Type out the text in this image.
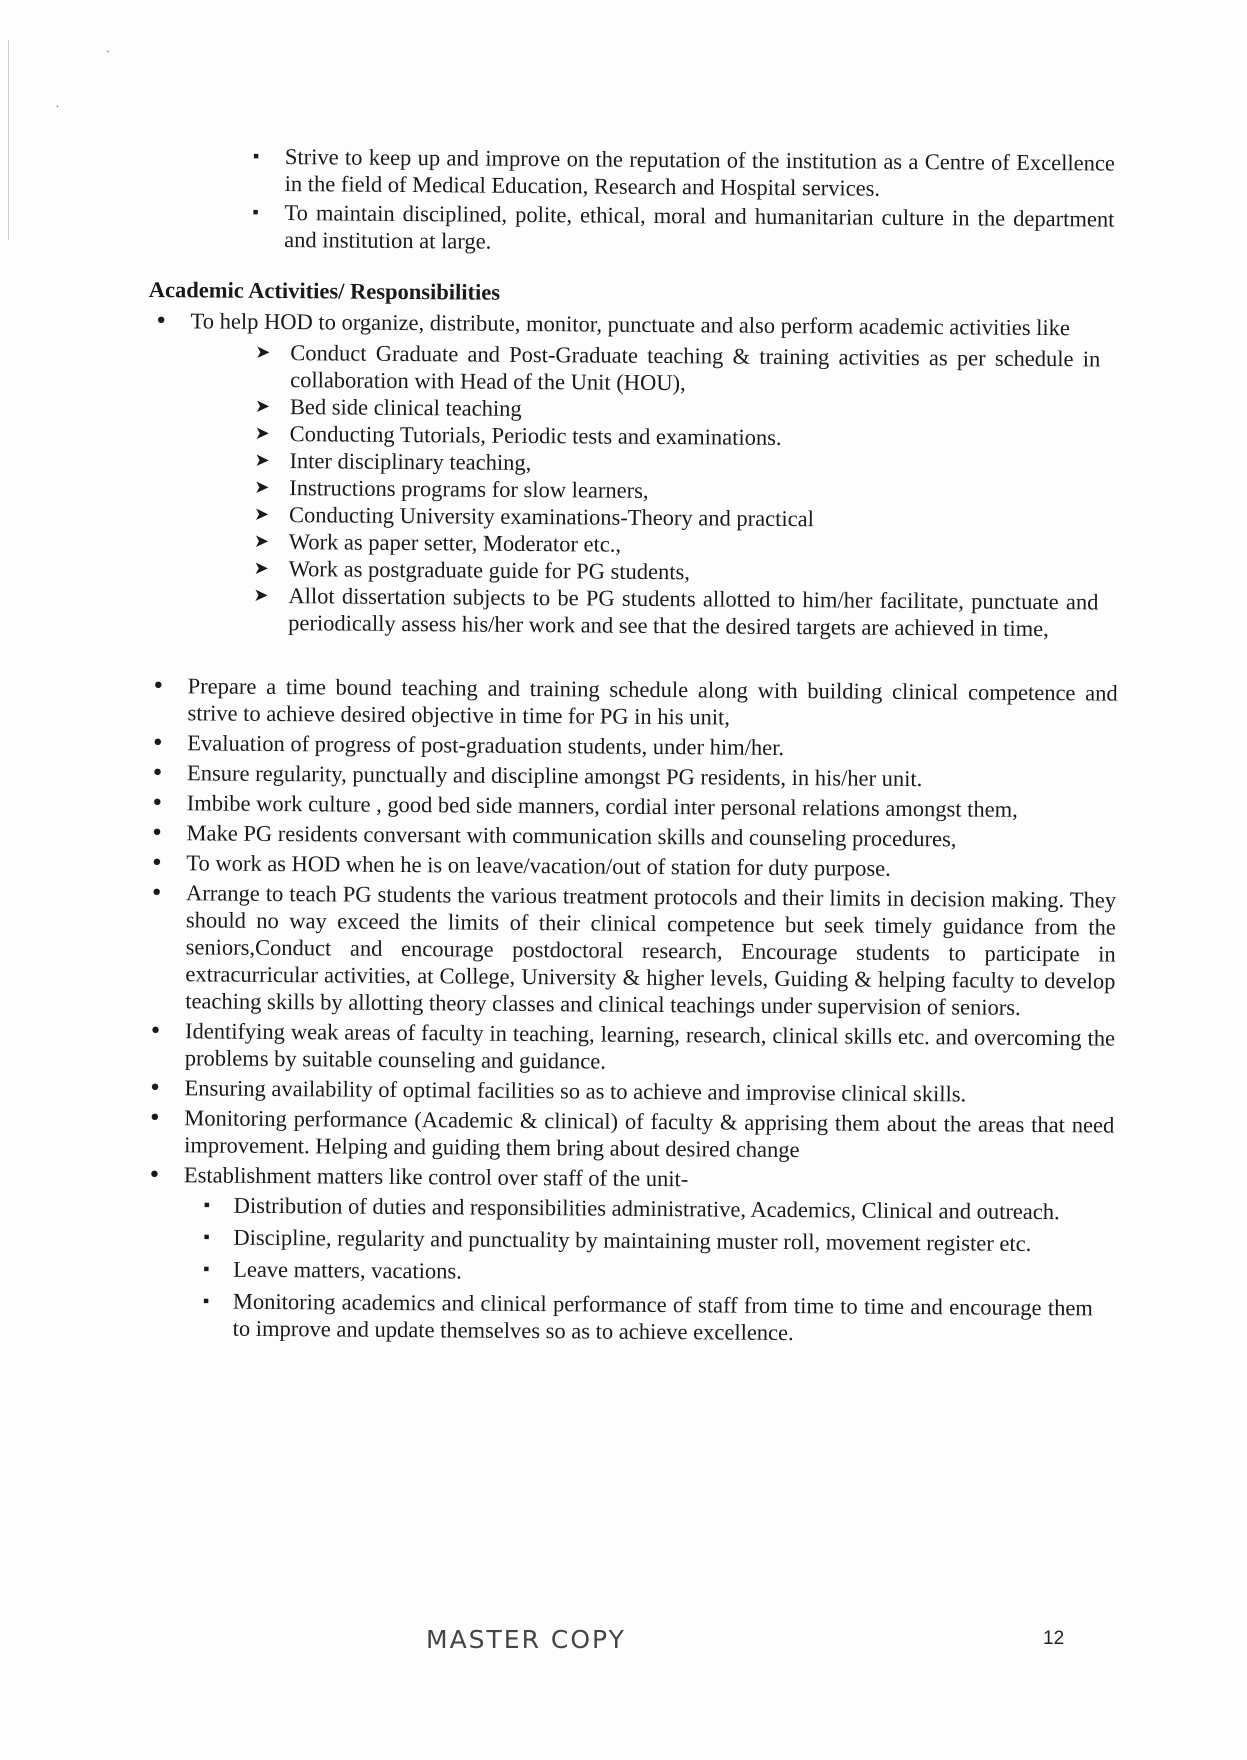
`
.
▪ Strive to keep up and improve on the reputation of the institution as a Centre of Excellence in the field of Medical Education, Research and Hospital services.
▪ To maintain disciplined, polite, ethical, moral and humanitarian culture in the department and institution at large.
Academic Activities/ Responsibilities
● To help HOD to organize, distribute, monitor, punctuate and also perform academic activities like
➤ Conduct Graduate and Post-Graduate teaching & training activities as per schedule in collaboration with Head of the Unit (HOU),
➤ Bed side clinical teaching
➤ Conducting Tutorials, Periodic tests and examinations.
➤ Inter disciplinary teaching,
➤ Instructions programs for slow learners,
➤ Conducting University examinations-Theory and practical
➤ Work as paper setter, Moderator etc.,
➤ Work as postgraduate guide for PG students,
➤ Allot dissertation subjects to be PG students allotted to him/her facilitate, punctuate and periodically assess his/her work and see that the desired targets are achieved in time,
● Prepare a time bound teaching and training schedule along with building clinical competence and strive to achieve desired objective in time for PG in his unit,
● Evaluation of progress of post-graduation students, under him/her.
● Ensure regularity, punctually and discipline amongst PG residents, in his/her unit.
● Imbibe work culture , good bed side manners, cordial inter personal relations amongst them,
● Make PG residents conversant with communication skills and counseling procedures,
● To work as HOD when he is on leave/vacation/out of station for duty purpose.
● Arrange to teach PG students the various treatment protocols and their limits in decision making. They should no way exceed the limits of their clinical competence but seek timely guidance from the seniors,Conduct and encourage postdoctoral research, Encourage students to participate in extracurricular activities, at College, University & higher levels, Guiding & helping faculty to develop teaching skills by allotting theory classes and clinical teachings under supervision of seniors.
● Identifying weak areas of faculty in teaching, learning, research, clinical skills etc. and overcoming the problems by suitable counseling and guidance.
● Ensuring availability of optimal facilities so as to achieve and improvise clinical skills.
● Monitoring performance (Academic & clinical) of faculty & apprising them about the areas that need improvement. Helping and guiding them bring about desired change
● Establishment matters like control over staff of the unit-
▪ Distribution of duties and responsibilities administrative, Academics, Clinical and outreach.
▪ Discipline, regularity and punctuality by maintaining muster roll, movement register etc.
▪ Leave matters, vacations.
▪ Monitoring academics and clinical performance of staff from time to time and encourage them to improve and update themselves so as to achieve excellence.
MASTER COPY	12
